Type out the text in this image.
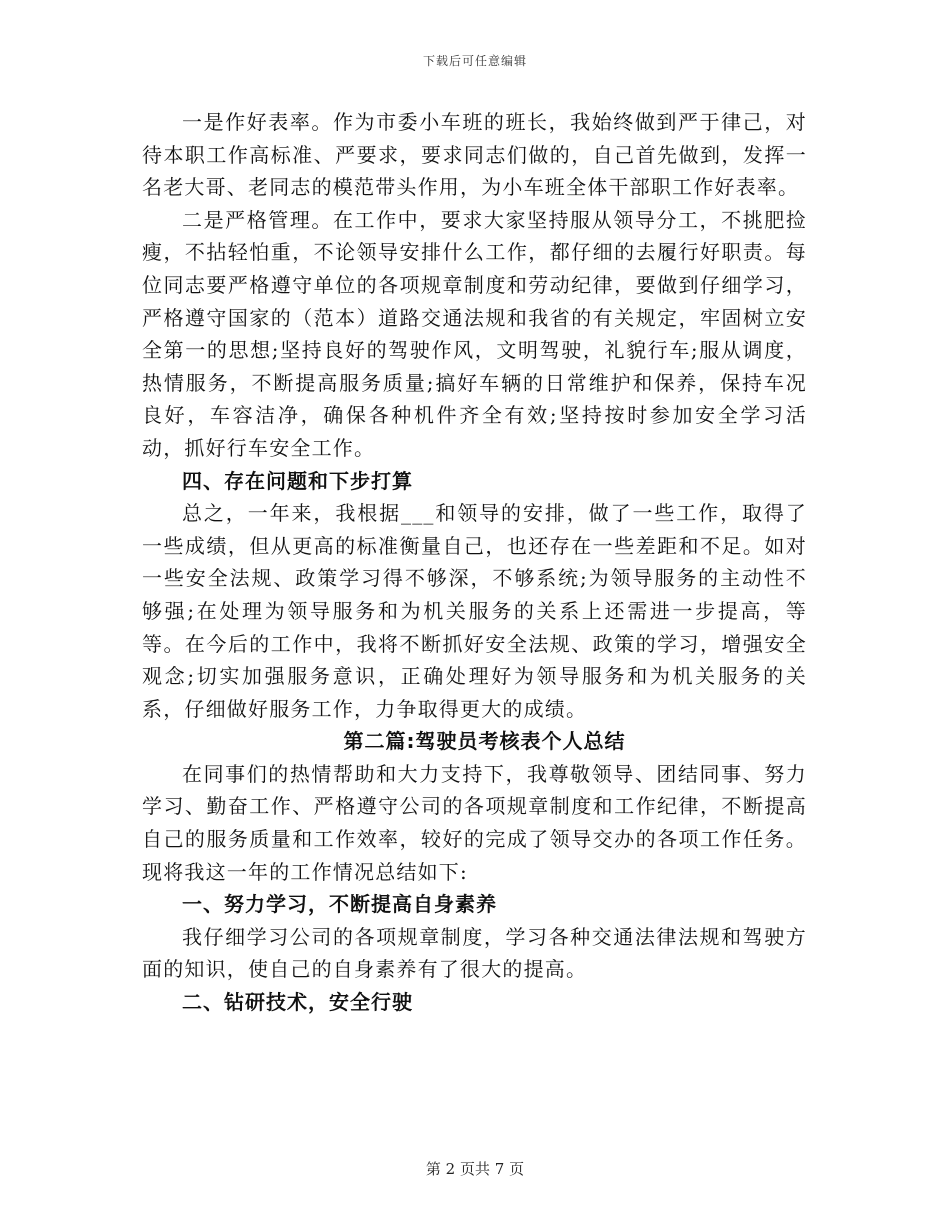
下载后可任意编辑

一是作好表率。作为市委小车班的班长，我始终做到严于律己，对待本职工作高标准、严要求，要求同志们做的，自己首先做到，发挥一名老大哥、老同志的模范带头作用，为小车班全体干部职工作好表率。

二是严格管理。在工作中，要求大家坚持服从领导分工，不挑肥捡瘦，不拈轻怕重，不论领导安排什么工作，都仔细的去履行好职责。每位同志要严格遵守单位的各项规章制度和劳动纪律，要做到仔细学习，严格遵守国家的（范本）道路交通法规和我省的有关规定，牢固树立安全第一的思想;坚持良好的驾驶作风，文明驾驶，礼貌行车;服从调度，热情服务，不断提高服务质量;搞好车辆的日常维护和保养，保持车况良好，车容洁净，确保各种机件齐全有效;坚持按时参加安全学习活动，抓好行车安全工作。

四、存在问题和下步打算

总之，一年来，我根据___和领导的安排，做了一些工作，取得了一些成绩，但从更高的标准衡量自己，也还存在一些差距和不足。如对一些安全法规、政策学习得不够深，不够系统;为领导服务的主动性不够强;在处理为领导服务和为机关服务的关系上还需进一步提高，等等。在今后的工作中，我将不断抓好安全法规、政策的学习，增强安全观念;切实加强服务意识，正确处理好为领导服务和为机关服务的关系，仔细做好服务工作，力争取得更大的成绩。

第二篇:驾驶员考核表个人总结

在同事们的热情帮助和大力支持下，我尊敬领导、团结同事、努力学习、勤奋工作、严格遵守公司的各项规章制度和工作纪律，不断提高自己的服务质量和工作效率，较好的完成了领导交办的各项工作任务。现将我这一年的工作情况总结如下:

一、努力学习，不断提高自身素养

我仔细学习公司的各项规章制度，学习各种交通法律法规和驾驶方面的知识，使自己的自身素养有了很大的提高。

二、钻研技术，安全行驶

第 2 页共 7 页
